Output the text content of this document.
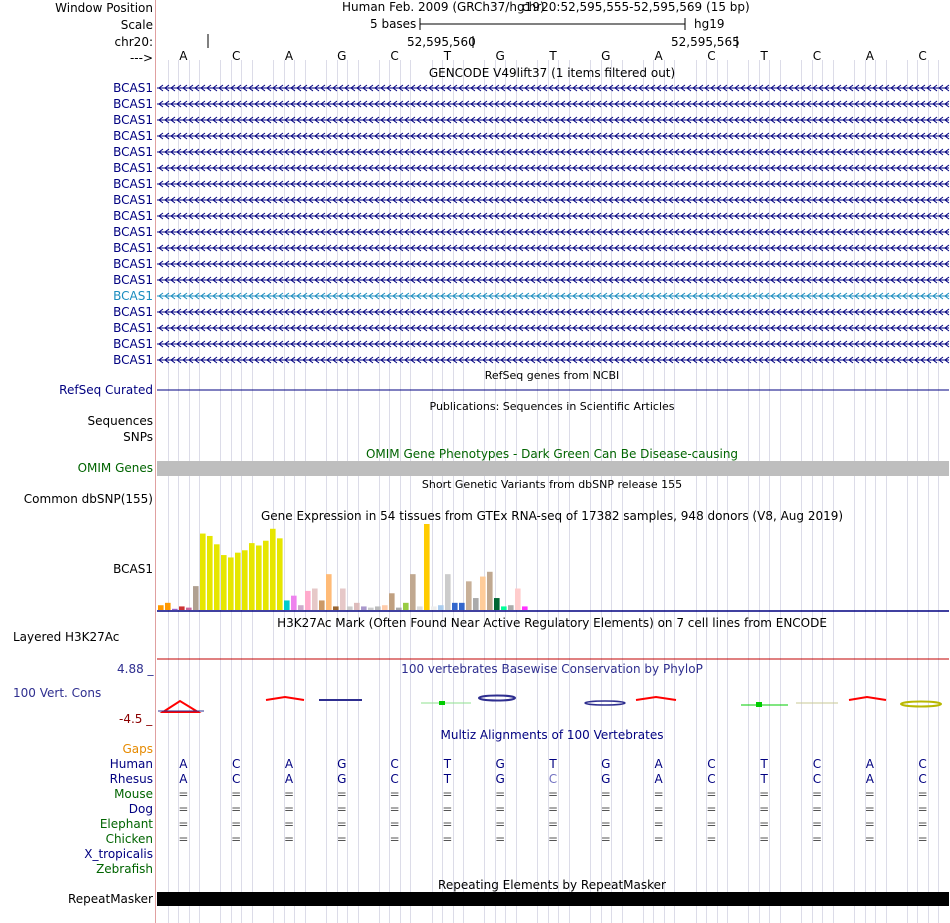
Window Position
Scale
chr20:
--->
Human Feb. 2009 (GRCh37/hg19)
chr20:52,595,555-52,595,569 (15 bp)
5 bases	hg19
52,595,560	52,595,565
A	C	A	G	C	T	G	T	G	A	C	T	C	A	C
GENCODE V49lift37 (1 items filtered out)
BCAS1
BCAS1
BCAS1
BCAS1
BCAS1
BCAS1
BCAS1
BCAS1
BCAS1
BCAS1
BCAS1
BCAS1
BCAS1
BCAS1
BCAS1
BCAS1
BCAS1
BCAS1
RefSeq genes from NCBI
RefSeq Curated
Publications: Sequences in Scientific Articles
Sequences
SNPs
OMIM Gene Phenotypes - Dark Green Can Be Disease-causing
OMIM Genes
Short Genetic Variants from dbSNP release 155
Common dbSNP(155)
Gene Expression in 54 tissues from GTEx RNA-seq of 17382 samples, 948 donors (V8, Aug 2019)
BCAS1
H3K27Ac Mark (Often Found Near Active Regulatory Elements) on 7 cell lines from ENCODE
Layered H3K27Ac
100 vertebrates Basewise Conservation by PhyloP
4.88 _
100 Vert. Cons
-4.5 _
Multiz Alignments of 100 Vertebrates
Gaps
Human	A	C	A	G	C	T	G	T	G	A	C	T	C	A	C
Rhesus	A	C	A	G	C	T	G	C	G	A	C	T	C	A	C
Mouse	=	=	=	=	=	=	=	=	=	=	=	=	=	=	=
Dog	=	=	=	=	=	=	=	=	=	=	=	=	=	=	=
Elephant	=	=	=	=	=	=	=	=	=	=	=	=	=	=	=
Chicken	=	=	=	=	=	=	=	=	=	=	=	=	=	=	=
X_tropicalis
Zebrafish
Repeating Elements by RepeatMasker
RepeatMasker
